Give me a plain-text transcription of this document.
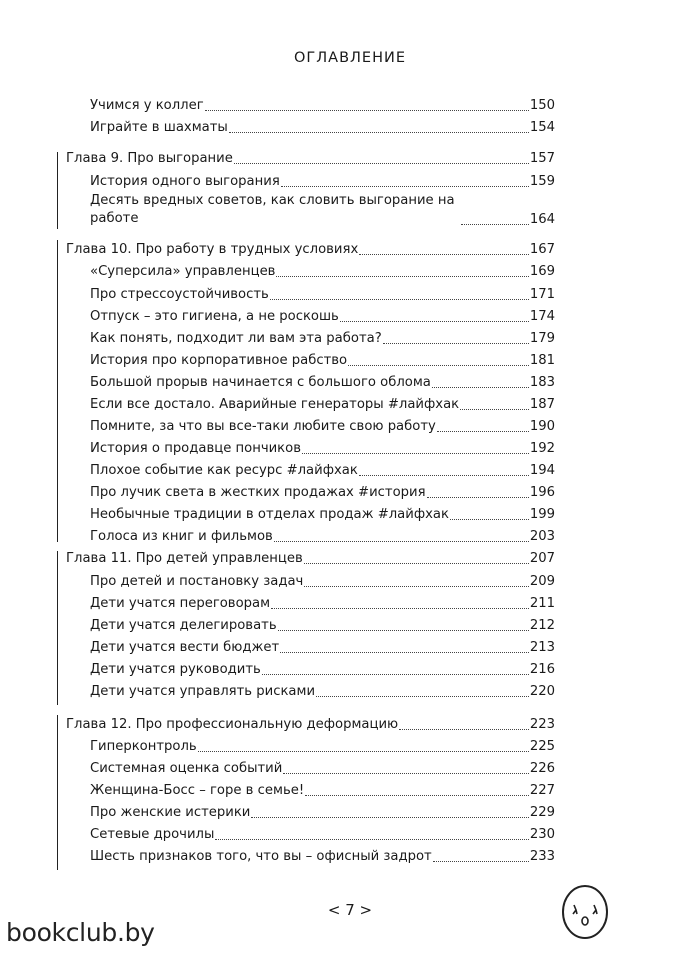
ОГЛАВЛЕНИЕ
Учимся у коллег	150
Играйте в шахматы	154
Глава 9. Про выгорание	157
История одного выгорания	159
Десять вредных советов, как словить выгорание на работе	164
Глава 10. Про работу в трудных условиях	167
«Суперсила» управленцев	169
Про стрессоустойчивость	171
Отпуск – это гигиена, а не роскошь	174
Как понять, подходит ли вам эта работа?	179
История про корпоративное рабство	181
Большой прорыв начинается с большого облома	183
Если все достало. Аварийные генераторы #лайфхак	187
Помните, за что вы все-таки любите свою работу	190
История о продавце пончиков	192
Плохое событие как ресурс #лайфхак	194
Про лучик света в жестких продажах #история	196
Необычные традиции в отделах продаж #лайфхак	199
Голоса из книг и фильмов	203
Глава 11. Про детей управленцев	207
Про детей и постановку задач	209
Дети учатся переговорам	211
Дети учатся делегировать	212
Дети учатся вести бюджет	213
Дети учатся руководить	216
Дети учатся управлять рисками	220
Глава 12. Про профессиональную деформацию	223
Гиперконтроль	225
Системная оценка событий	226
Женщина-Босс – горе в семье!	227
Про женские истерики	229
Сетевые дрочилы	230
Шесть признаков того, что вы – офисный задрот	233
< 7 >
bookclub.by
